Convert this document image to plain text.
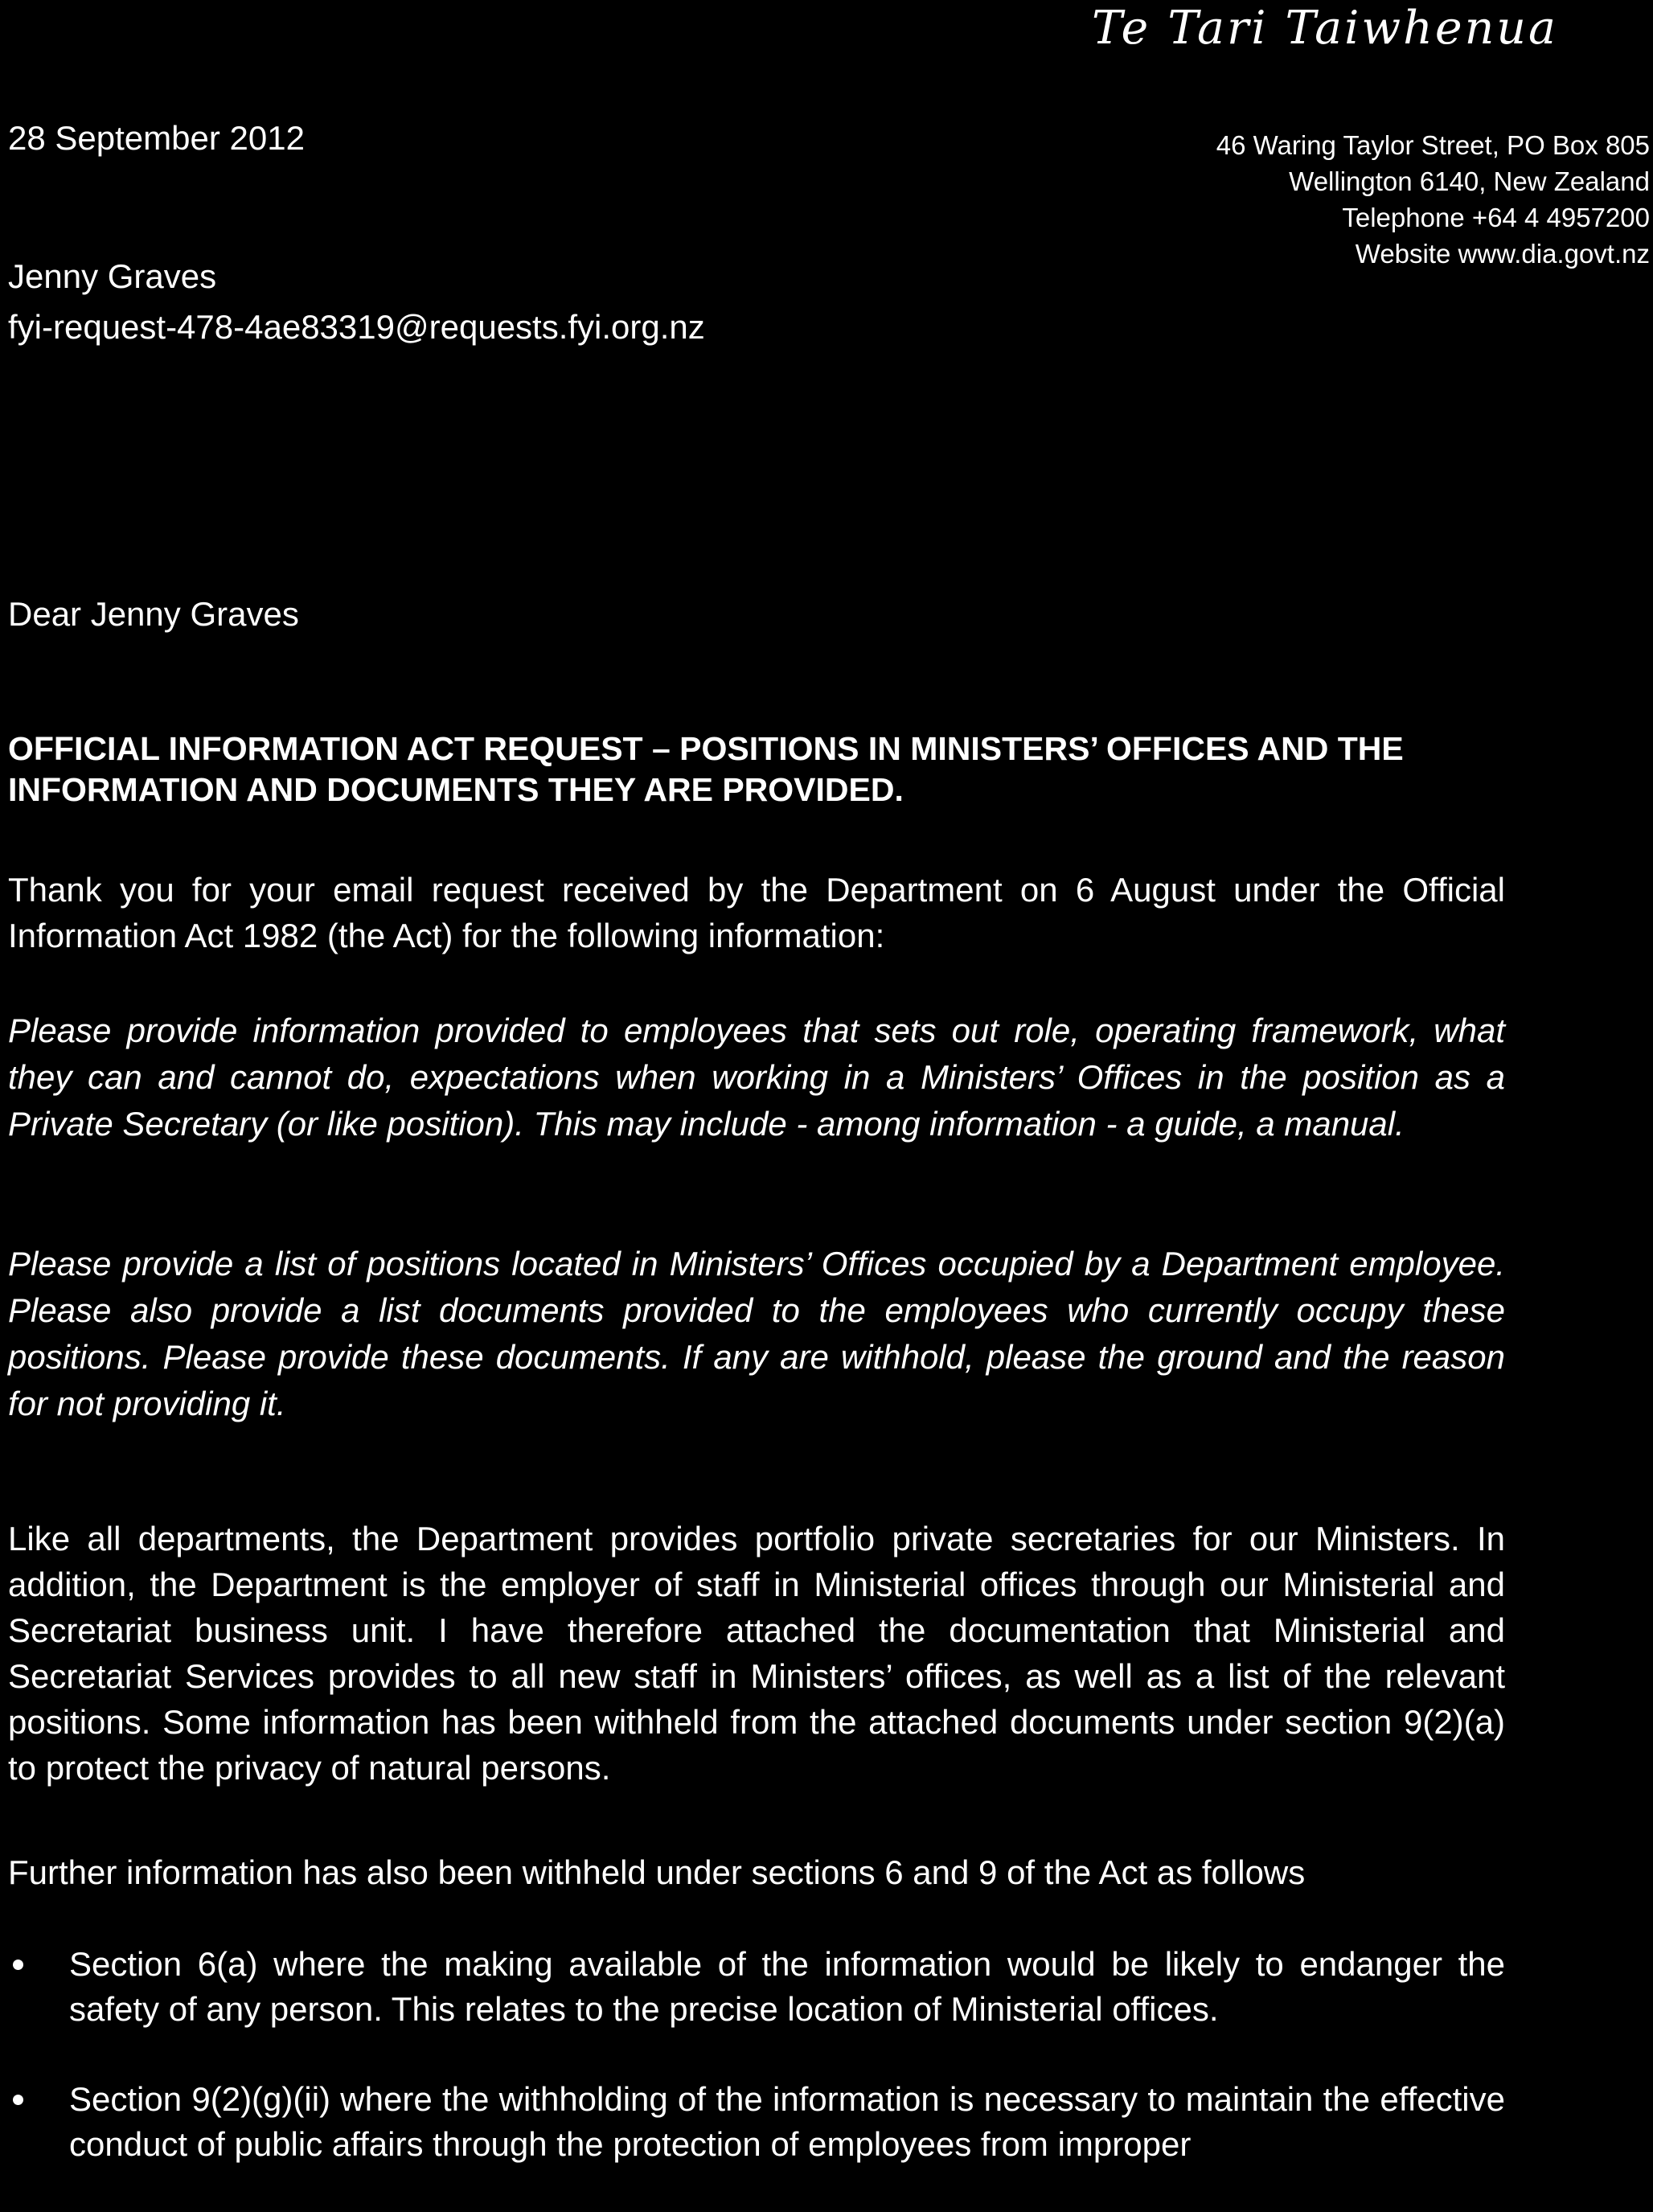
Te Tari Taiwhenua
28 September 2012
Jenny Graves
fyi-request-478-4ae83319@requests.fyi.org.nz
46 Waring Taylor Street, PO Box 805
Wellington 6140, New Zealand
Telephone +64 4 4957200
Website www.dia.govt.nz
Dear Jenny Graves
OFFICIAL INFORMATION ACT REQUEST – POSITIONS IN MINISTERS’ OFFICES AND THE INFORMATION AND DOCUMENTS THEY ARE PROVIDED.
Thank you for your email request received by the Department on 6 August under the Official Information Act 1982 (the Act) for the following information:
Please provide information provided to employees that sets out role, operating framework, what they can and cannot do, expectations when working in a Ministers’ Offices in the position as a Private Secretary (or like position). This may include - among information - a guide, a manual.
Please provide a list of positions located in Ministers’ Offices occupied by a Department employee. Please also provide a list documents provided to the employees who currently occupy these positions. Please provide these documents. If any are withhold, please the ground and the reason for not providing it.
Like all departments, the Department provides portfolio private secretaries for our Ministers. In addition, the Department is the employer of staff in Ministerial offices through our Ministerial and Secretariat business unit. I have therefore attached the documentation that Ministerial and Secretariat Services provides to all new staff in Ministers’ offices, as well as a list of the relevant positions. Some information has been withheld from the attached documents under section 9(2)(a) to protect the privacy of natural persons.
Further information has also been withheld under sections 6 and 9 of the Act as follows
Section 6(a) where the making available of the information would be likely to endanger the safety of any person. This relates to the precise location of Ministerial offices.
Section 9(2)(g)(ii) where the withholding of the information is necessary to maintain the effective conduct of public affairs through the protection of employees from improper
